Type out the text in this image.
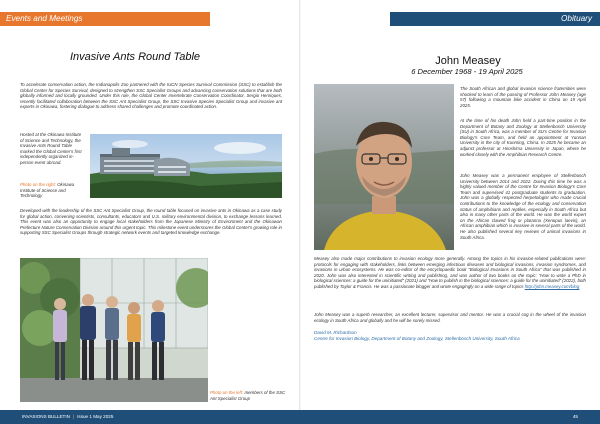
Events and Meetings	Obituary
Invasive Ants Round Table
To accelerate conservation action, the Indianapolis Zoo partnered with the IUCN Species Survival Commission (SSC) to establish the Global Center for Species Survival, designed to strengthen SSC Specialist Groups and advancing conservation solutions that are both globally informed and locally grounded. Under this role, the Global Center Invertebrate Conservation Coordinator, Sergio Henriques, recently facilitated collaboration between the SSC Ant Specialist Group, the SSC Invasive Species Specialist Group and invasive ant experts in Okinawa, fostering dialogue to address shared challenges and promote coordinated action.
Hosted at the Okinawa Institute of Science and Technology, the Invasive Ants Round Table marked the Global Center's first independently organized in-person event abroad.
Photo on the right: Okinawa Institute of Science and Technology
Developed with the leadership of the SSC Ant Specialist Group, the round table focused on invasive ants in Okinawa as a case study for global action, convening scientists, consultants, educators and U.S. military environmental division, to exchange lessons learned. This event was also an opportunity to engage local stakeholders from the Japanese Ministry of Environment and the Okinawan Prefecture Nature Conservation Division around this urgent topic. This milestone event underscores the Global Center's growing role in supporting SSC Specialist Groups through strategic network events and targeted knowledge exchange.
Photo on the left: members of the SSC Ant Specialist Group
INVASIONS BULLETIN | Issue 1 May 2025
John Measey
6 December 1968 - 19 April 2025
The South African and global invasion science fraternities were shocked to learn of the passing of Professor John Measey (age 57) following a mountain bike accident in China on 19 April 2025.
At the time of his death John held a part-time position in the Department of Botany and Zoology at Stellenbosch University (SU) in South Africa, was a member of SU's Centre for Invasion Biology's Core Team, and held an appointment at Yunnan University in the city of Kunming, China. In 2025 he became an adjunct professor at Hiroshima University in Japan, where he worked closely with the Amphibian Research Centre.
John Measey was a permanent employee of Stellenbosch University between 2014 and 2022. During this time he was a highly valued member of the Centre for Invasion Biology's Core Team and supervised 41 postgraduate students to graduation. John was a globally respected herpetologist who made crucial contributions to the knowledge of the ecology and conservation status of amphibians and reptiles, especially in South Africa but also in many other parts of the world. He was the world expert on the African clawed frog or platanna (Xenopus laevis), an African amphibian which is invasive in several parts of the world. He also published several key reviews of animal invasions in South Africa.
Measey also made major contributions to invasion ecology more generally. Among the topics in his invasion-related publications were: protocols for engaging with stakeholders, links between emerging infectious diseases and biological invasions, invasion syndromes, and invasions in urban ecosystems. He was co-editor of the encyclopaedic book "Biological Invasions in South Africa" that was published in 2020. John was also interested in scientific writing and publishing, and was author of two books on the topic: "How to write a PhD in biological sciences: a guide for the uninitiated" (2021) and "How to publish in the biological sciences: a guide for the uninitiated" (2022), both published by Taylor & Francis. He was a passionate blogger and wrote engagingly on a wide range of topics http://john.measey.com/blog
John Measey was a superb researcher, an excellent lecturer, supervisor and mentor. He was a crucial cog in the wheel of the invasion ecology in South Africa and globally and he will be sorely missed.
David M. Richardson
Centre for Invasion Biology, Department of Botany and Zoology, Stellenbosch University, South Africa
45
